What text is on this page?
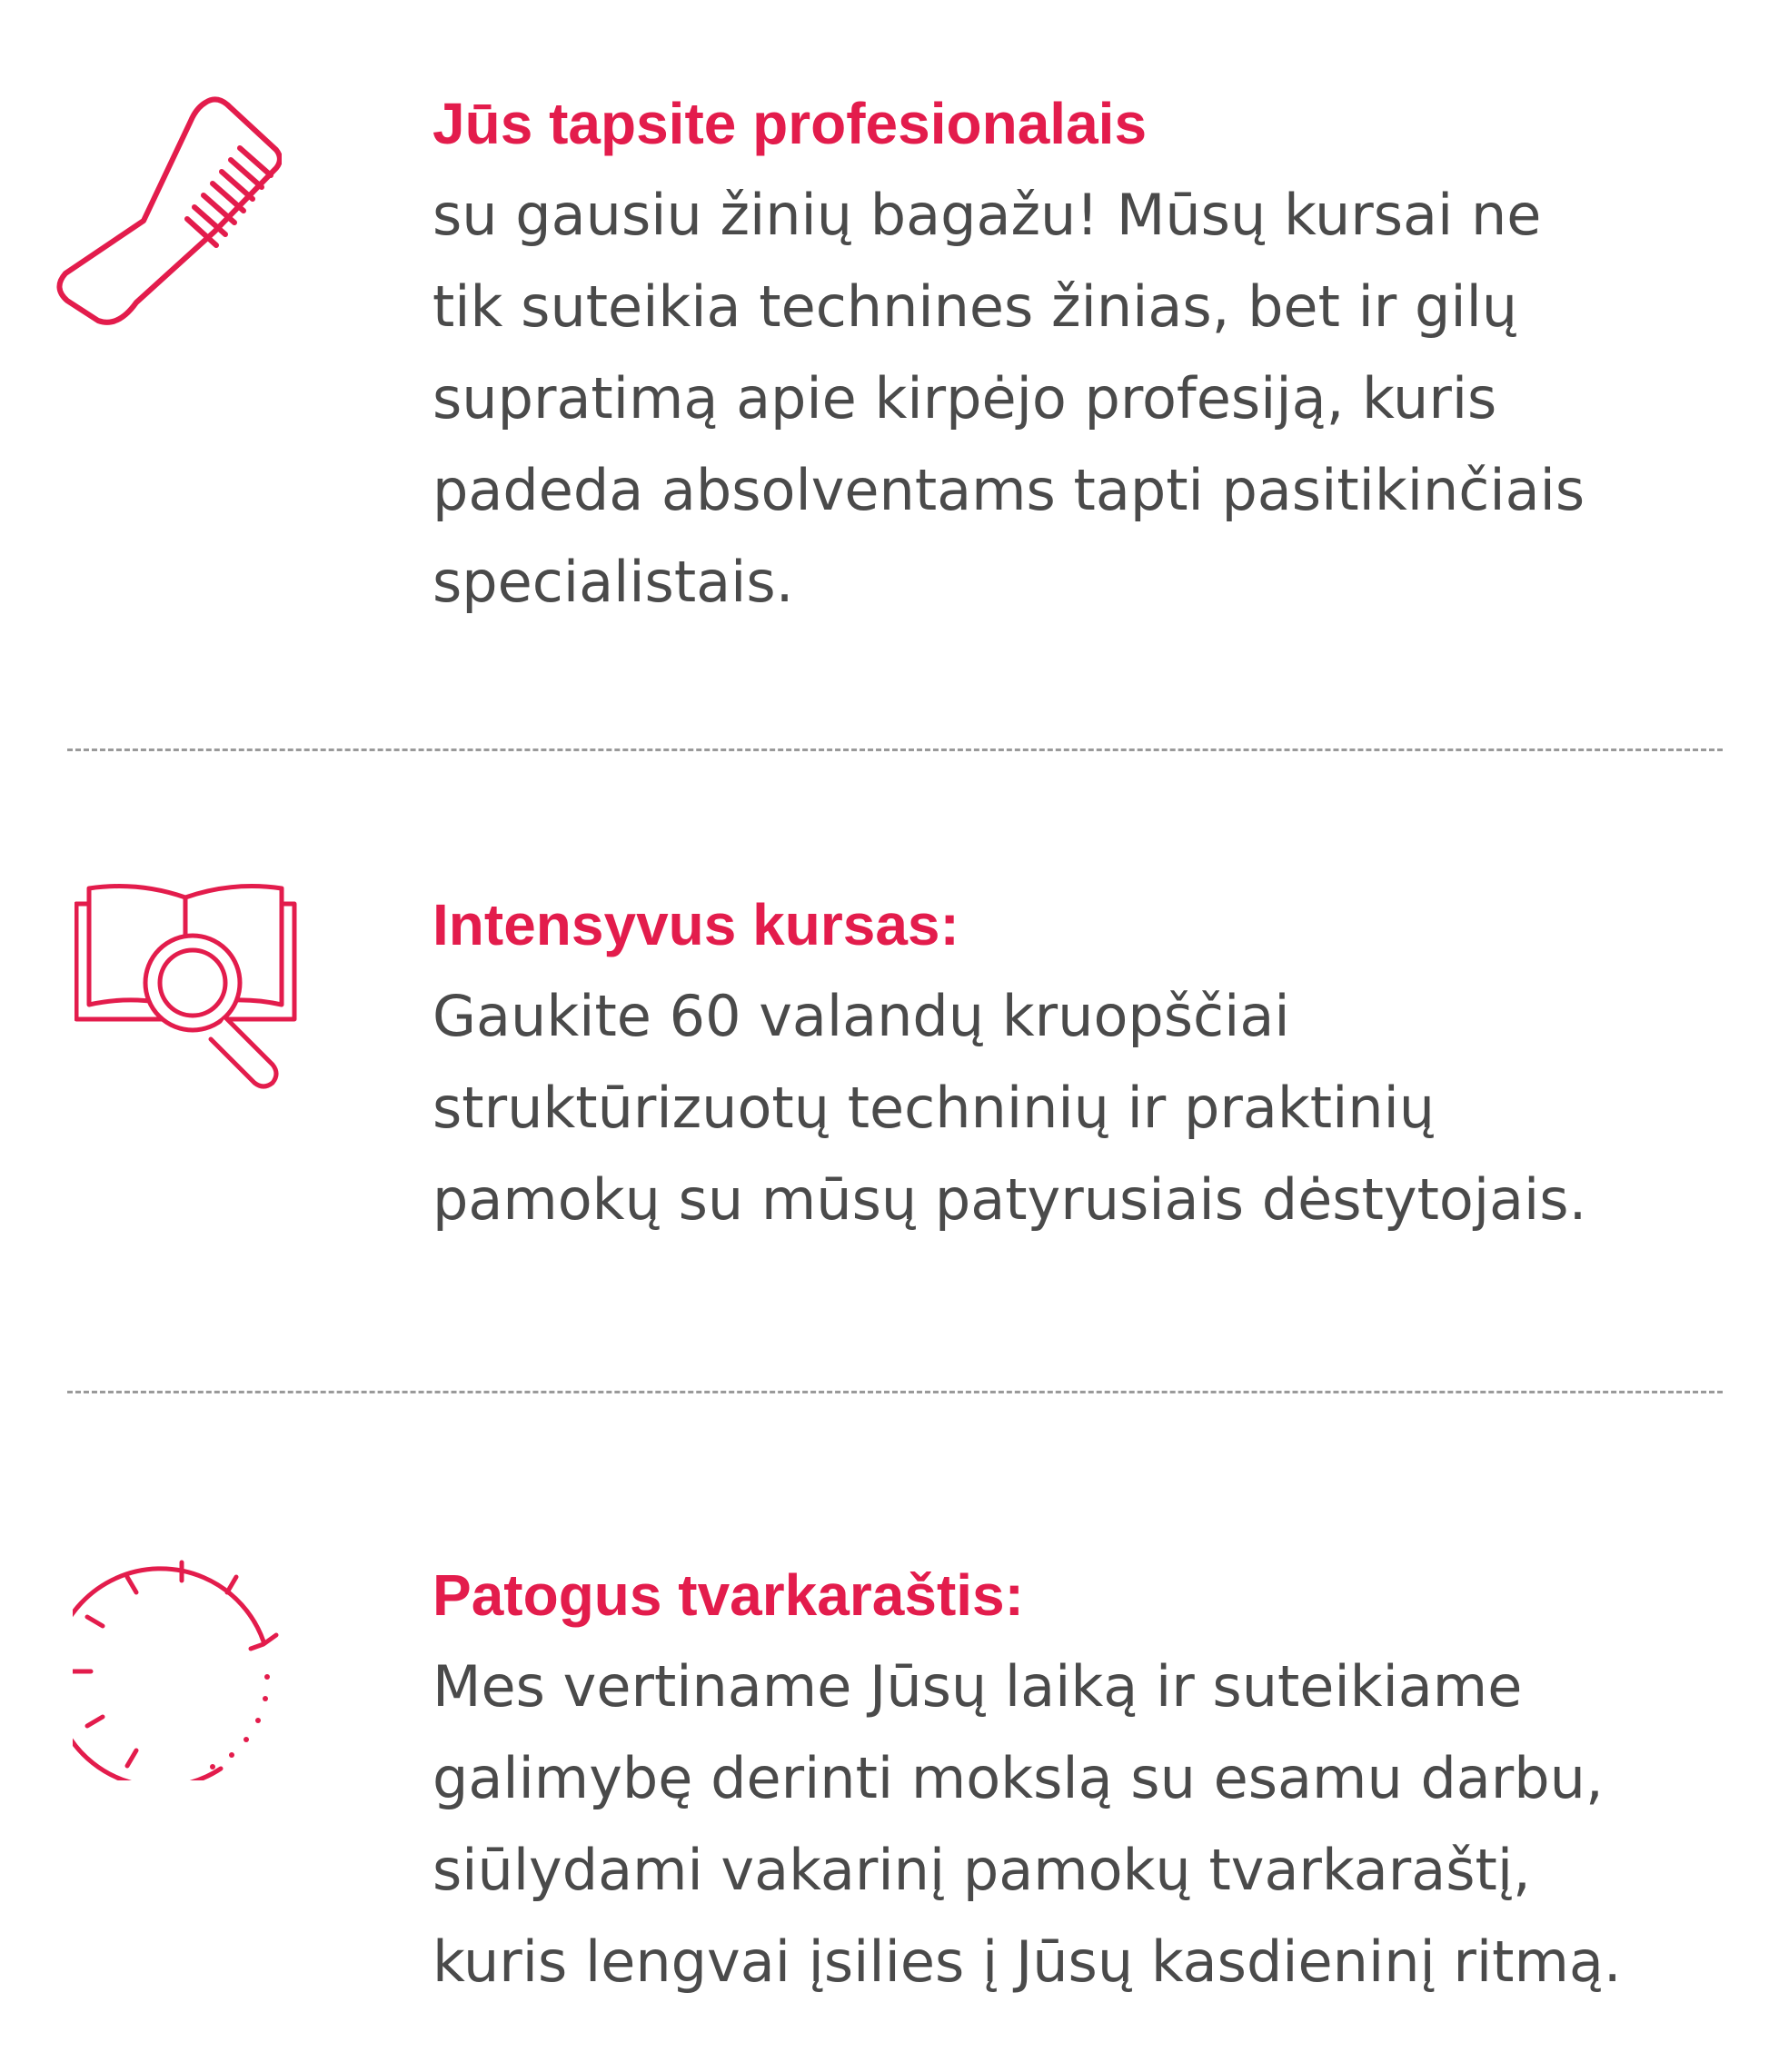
Jūs tapsite profesionalais

su gausiu žinių bagažu! Mūsų kursai ne
tik suteikia technines žinias, bet ir gilų
supratimą apie kirpėjo profesiją, kuris
padeda absolventams tapti pasitikinčiais
specialistais.

Intensyvus kursas:

Gaukite 60 valandų kruopščiai
struktūrizuotų techninių ir praktinių
pamokų su mūsų patyrusiais dėstytojais.

Patogus tvarkaraštis:

Mes vertiname Jūsų laiką ir suteikiame
galimybę derinti mokslą su esamu darbu,
siūlydami vakarinį pamokų tvarkaraštį,
kuris lengvai įsilies į Jūsų kasdieninį ritmą.
